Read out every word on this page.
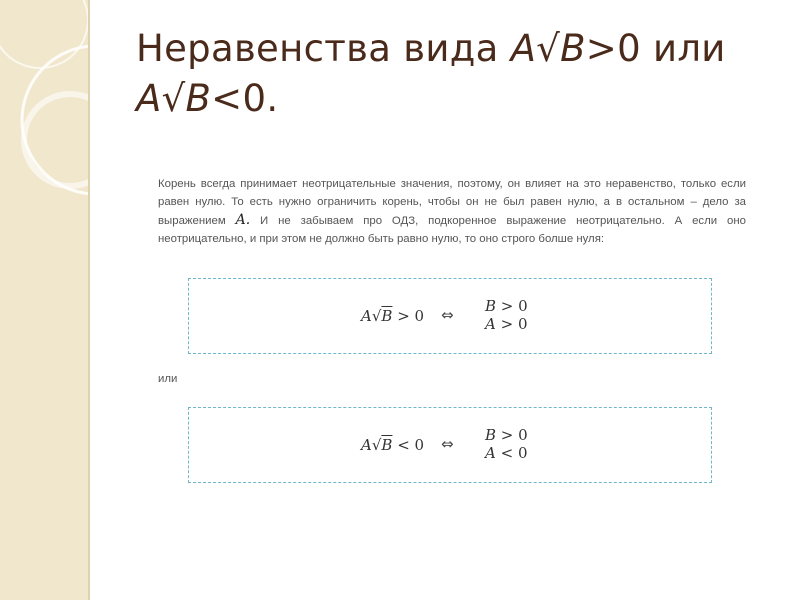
Неравенства вида A√B>0 или
A√B<0.

Корень всегда принимает неотрицательные значения, поэтому, он влияет на это неравенство, только если равен нулю. То есть нужно ограничить корень, чтобы он не был равен нулю, а в остальном – дело за выражением A. И не забываем про ОДЗ, подкоренное выражение неотрицательно. А если оно неотрицательно, и при этом не должно быть равно нулю, то оно строго болше нуля:

A√B > 0 ⇔ B > 0
A > 0
или
A√B < 0 ⇔ B > 0
A < 0
